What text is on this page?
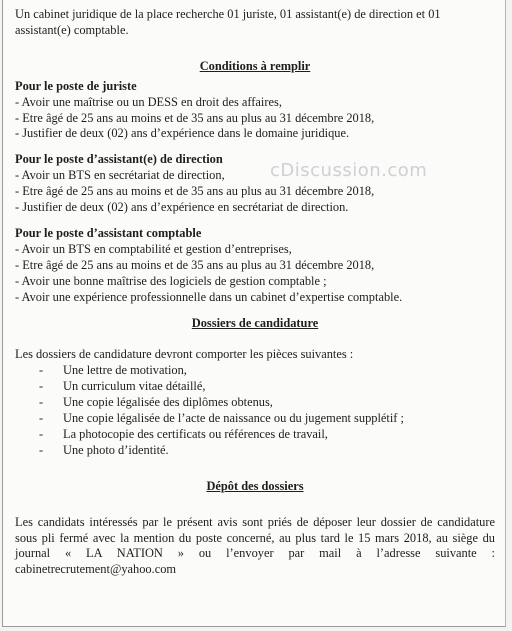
cDiscussion.com

Un cabinet juridique de la place recherche 01 juriste, 01 assistant(e) de direction et 01 assistant(e) comptable.

Conditions à remplir

Pour le poste de juriste

- Avoir une maîtrise ou un DESS en droit des affaires,
- Etre âgé de 25 ans au moins et de 35 ans au plus au 31 décembre 2018,
- Justifier de deux (02) ans d’expérience dans le domaine juridique.

Pour le poste d’assistant(e) de direction

- Avoir un BTS en secrétariat de direction,
- Etre âgé de 25 ans au moins et de 35 ans au plus au 31 décembre 2018,
- Justifier de deux (02) ans d’expérience en secrétariat de direction.

Pour le poste d’assistant comptable

- Avoir un BTS en comptabilité et gestion d’entreprises,
- Etre âgé de 25 ans au moins et de 35 ans au plus au 31 décembre 2018,
- Avoir une bonne maîtrise des logiciels de gestion comptable ;
- Avoir une expérience professionnelle dans un cabinet d’expertise comptable.

Dossiers de candidature

Les dossiers de candidature devront comporter les pièces suivantes :

- Une lettre de motivation,
- Un curriculum vitae détaillé,
- Une copie légalisée des diplômes obtenus,
- Une copie légalisée de l’acte de naissance ou du jugement supplétif ;
- La photocopie des certificats ou références de travail,
- Une photo d’identité.

Dépôt des dossiers

Les candidats intéressés par le présent avis sont priés de déposer leur dossier de candidature sous pli fermé avec la mention du poste concerné, au plus tard le 15 mars 2018, au siège du journal « LA NATION » ou l’envoyer par mail à l’adresse suivante : cabinetrecrutement@yahoo.com
